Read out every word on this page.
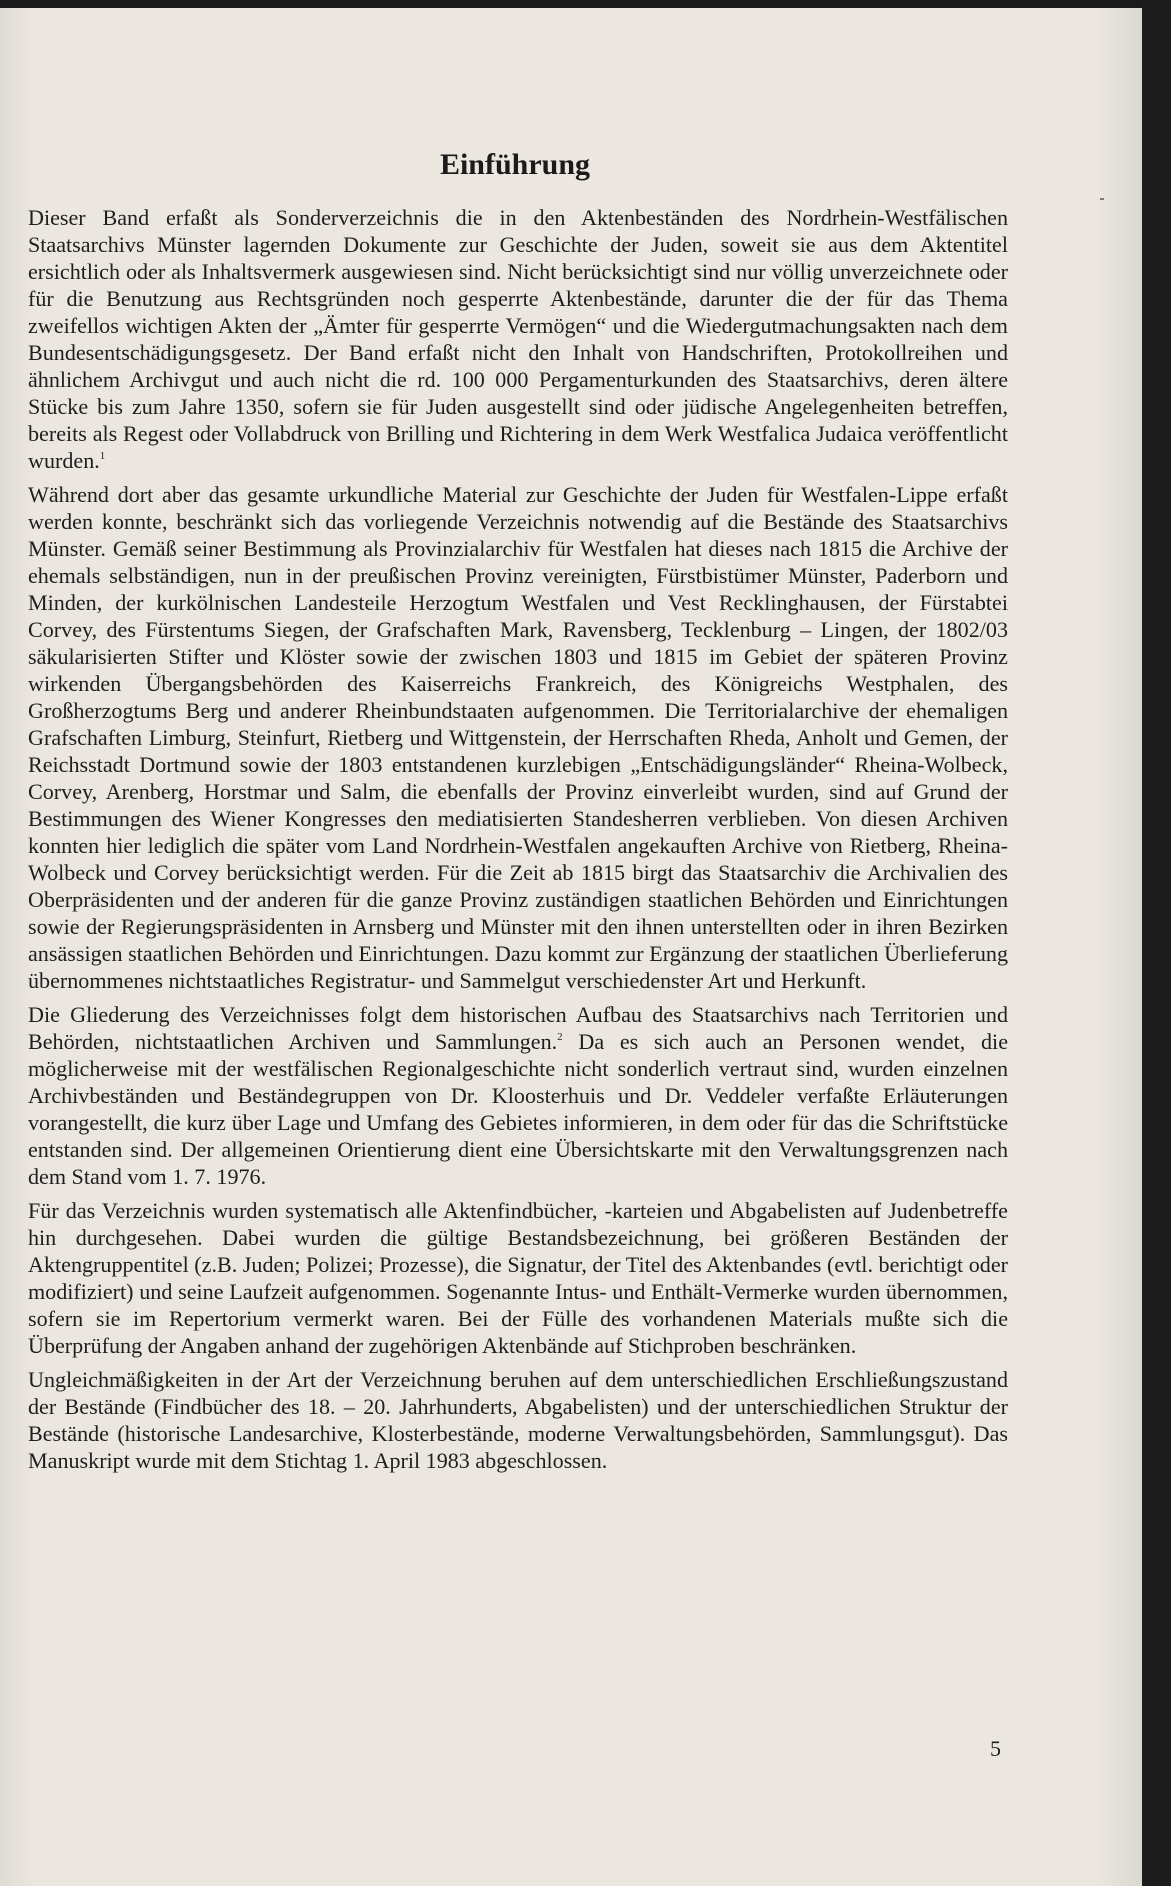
Einführung

Dieser Band erfaßt als Sonderverzeichnis die in den Aktenbeständen des Nordrhein-Westfälischen Staatsarchivs Münster lagernden Dokumente zur Geschichte der Juden, soweit sie aus dem Aktentitel ersichtlich oder als Inhaltsvermerk ausgewiesen sind. Nicht berücksichtigt sind nur völlig unverzeichnete oder für die Benutzung aus Rechtsgründen noch gesperrte Aktenbestände, darunter die der für das Thema zweifellos wichtigen Akten der „Ämter für gesperrte Vermögen“ und die Wiedergutmachungsakten nach dem Bundesentschädigungsgesetz. Der Band erfaßt nicht den Inhalt von Handschriften, Protokollreihen und ähnlichem Archivgut und auch nicht die rd. 100 000 Pergamenturkunden des Staatsarchivs, deren ältere Stücke bis zum Jahre 1350, sofern sie für Juden ausgestellt sind oder jüdische Angelegenheiten betreffen, bereits als Regest oder Vollabdruck von Brilling und Richtering in dem Werk Westfalica Judaica veröffentlicht wurden.$^1$

Während dort aber das gesamte urkundliche Material zur Geschichte der Juden für Westfalen-Lippe erfaßt werden konnte, beschränkt sich das vorliegende Verzeichnis notwendig auf die Bestände des Staatsarchivs Münster. Gemäß seiner Bestimmung als Provinzialarchiv für Westfalen hat dieses nach 1815 die Archive der ehemals selbständigen, nun in der preußischen Provinz vereinigten, Fürstbistümer Münster, Paderborn und Minden, der kurkölnischen Landesteile Herzogtum Westfalen und Vest Recklinghausen, der Fürstabtei Corvey, des Fürstentums Siegen, der Grafschaften Mark, Ravensberg, Tecklenburg – Lingen, der 1802/03 säkularisierten Stifter und Klöster sowie der zwischen 1803 und 1815 im Gebiet der späteren Provinz wirkenden Übergangsbehörden des Kaiserreichs Frankreich, des Königreichs Westphalen, des Großherzogtums Berg und anderer Rheinbundstaaten aufgenommen. Die Territorialarchive der ehemaligen Grafschaften Limburg, Steinfurt, Rietberg und Wittgenstein, der Herrschaften Rheda, Anholt und Gemen, der Reichsstadt Dortmund sowie der 1803 entstandenen kurzlebigen „Entschädigungsländer“ Rheina-Wolbeck, Corvey, Arenberg, Horstmar und Salm, die ebenfalls der Provinz einverleibt wurden, sind auf Grund der Bestimmungen des Wiener Kongresses den mediatisierten Standesherren verblieben. Von diesen Archiven konnten hier lediglich die später vom Land Nordrhein-Westfalen angekauften Archive von Rietberg, Rheina-Wolbeck und Corvey berücksichtigt werden. Für die Zeit ab 1815 birgt das Staatsarchiv die Archivalien des Oberpräsidenten und der anderen für die ganze Provinz zuständigen staatlichen Behörden und Einrichtungen sowie der Regierungspräsidenten in Arnsberg und Münster mit den ihnen unterstellten oder in ihren Bezirken ansässigen staatlichen Behörden und Einrichtungen. Dazu kommt zur Ergänzung der staatlichen Überlieferung übernommenes nichtstaatliches Registratur- und Sammelgut verschiedenster Art und Herkunft.

Die Gliederung des Verzeichnisses folgt dem historischen Aufbau des Staatsarchivs nach Territorien und Behörden, nichtstaatlichen Archiven und Sammlungen.$^2$ Da es sich auch an Personen wendet, die möglicherweise mit der westfälischen Regionalgeschichte nicht sonderlich vertraut sind, wurden einzelnen Archivbeständen und Beständegruppen von Dr. Kloosterhuis und Dr. Veddeler verfaßte Erläuterungen vorangestellt, die kurz über Lage und Umfang des Gebietes informieren, in dem oder für das die Schriftstücke entstanden sind. Der allgemeinen Orientierung dient eine Übersichtskarte mit den Verwaltungsgrenzen nach dem Stand vom 1. 7. 1976.

Für das Verzeichnis wurden systematisch alle Aktenfindbücher, -karteien und Abgabelisten auf Judenbetreffe hin durchgesehen. Dabei wurden die gültige Bestandsbezeichnung, bei größeren Beständen der Aktengruppentitel (z.B. Juden; Polizei; Prozesse), die Signatur, der Titel des Aktenbandes (evtl. berichtigt oder modifiziert) und seine Laufzeit aufgenommen. Sogenannte Intus- und Enthält-Vermerke wurden übernommen, sofern sie im Repertorium vermerkt waren. Bei der Fülle des vorhandenen Materials mußte sich die Überprüfung der Angaben anhand der zugehörigen Aktenbände auf Stichproben beschränken.

Ungleichmäßigkeiten in der Art der Verzeichnung beruhen auf dem unterschiedlichen Erschließungszustand der Bestände (Findbücher des 18. – 20. Jahrhunderts, Abgabelisten) und der unterschiedlichen Struktur der Bestände (historische Landesarchive, Klosterbestände, moderne Verwaltungsbehörden, Sammlungsgut). Das Manuskript wurde mit dem Stichtag 1. April 1983 abgeschlossen.

5
